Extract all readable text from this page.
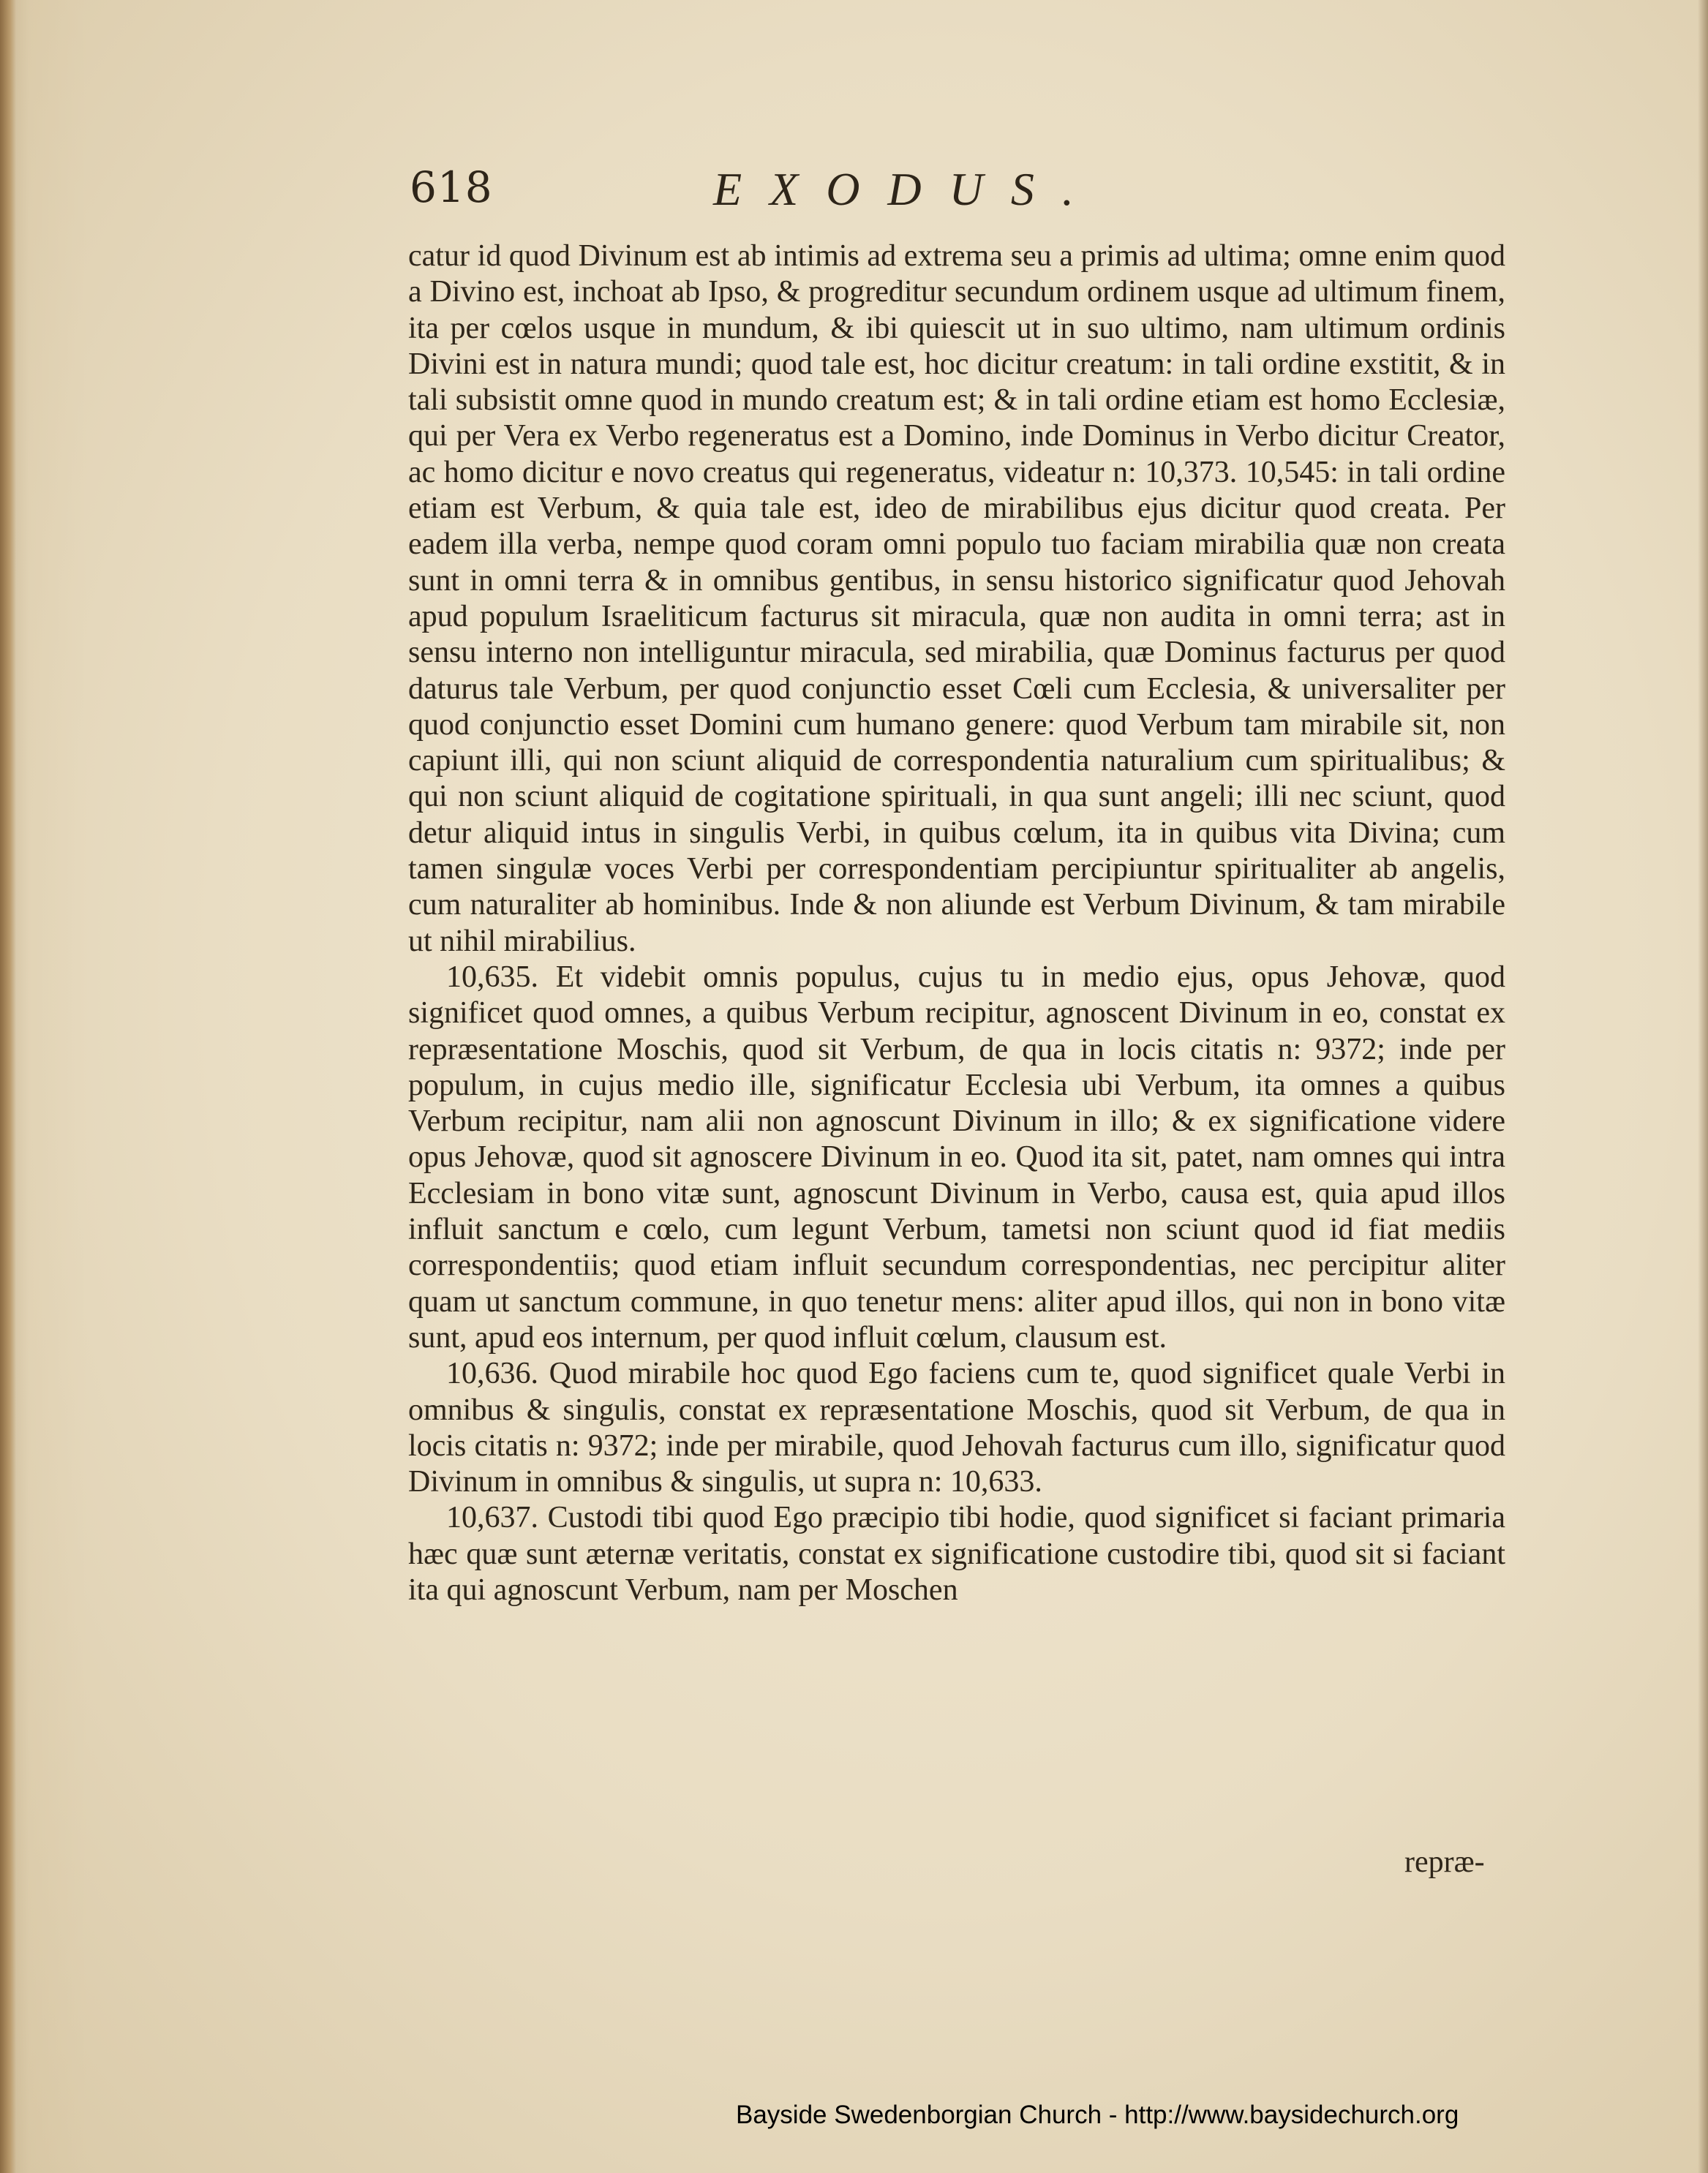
618	EXODUS.

catur id quod Divinum est ab intimis ad extrema seu a primis ad ultima; omne enim quod a Divino est, inchoat ab Ipso, & progreditur secundum ordinem usque ad ultimum finem, ita per cœlos usque in mundum, & ibi quiescit ut in suo ultimo, nam ultimum ordinis Divini est in natura mundi; quod tale est, hoc dicitur creatum: in tali ordine exstitit, & in tali subsistit omne quod in mundo creatum est; & in tali ordine etiam est homo Ecclesiæ, qui per Vera ex Verbo regeneratus est a Domino, inde Dominus in Verbo dicitur Creator, ac homo dicitur e novo creatus qui regeneratus, videatur n: 10,373. 10,545: in tali ordine etiam est Verbum, & quia tale est, ideo de mirabilibus ejus dicitur quod creata. Per eadem illa verba, nempe quod coram omni populo tuo faciam mirabilia quæ non creata sunt in omni terra & in omnibus gentibus, in sensu historico significatur quod Jehovah apud populum Israeliticum facturus sit miracula, quæ non audita in omni terra; ast in sensu interno non intelliguntur miracula, sed mirabilia, quæ Dominus facturus per quod daturus tale Verbum, per quod conjunctio esset Cœli cum Ecclesia, & universaliter per quod conjunctio esset Domini cum humano genere: quod Verbum tam mirabile sit, non capiunt illi, qui non sciunt aliquid de correspondentia naturalium cum spiritualibus; & qui non sciunt aliquid de cogitatione spirituali, in qua sunt angeli; illi nec sciunt, quod detur aliquid intus in singulis Verbi, in quibus cœlum, ita in quibus vita Divina; cum tamen singulæ voces Verbi per correspondentiam percipiuntur spiritualiter ab angelis, cum naturaliter ab hominibus. Inde & non aliunde est Verbum Divinum, & tam mirabile ut nihil mirabilius.

10,635. Et videbit omnis populus, cujus tu in medio ejus, opus Jehovæ, quod significet quod omnes, a quibus Verbum recipitur, agnoscent Divinum in eo, constat ex repræsentatione Moschis, quod sit Verbum, de qua in locis citatis n: 9372; inde per populum, in cujus medio ille, significatur Ecclesia ubi Verbum, ita omnes a quibus Verbum recipitur, nam alii non agnoscunt Divinum in illo; & ex significatione videre opus Jehovæ, quod sit agnoscere Divinum in eo. Quod ita sit, patet, nam omnes qui intra Ecclesiam in bono vitæ sunt, agnoscunt Divinum in Verbo, causa est, quia apud illos influit sanctum e cœlo, cum legunt Verbum, tametsi non sciunt quod id fiat mediis correspondentiis; quod etiam influit secundum correspondentias, nec percipitur aliter quam ut sanctum commune, in quo tenetur mens: aliter apud illos, qui non in bono vitæ sunt, apud eos internum, per quod influit cœlum, clausum est.

10,636. Quod mirabile hoc quod Ego faciens cum te, quod significet quale Verbi in omnibus & singulis, constat ex repræsentatione Moschis, quod sit Verbum, de qua in locis citatis n: 9372; inde per mirabile, quod Jehovah facturus cum illo, significatur quod Divinum in omnibus & singulis, ut supra n: 10,633.

10,637. Custodi tibi quod Ego præcipio tibi hodie, quod significet si faciant primaria hæc quæ sunt æternæ veritatis, constat ex significatione custodire tibi, quod sit si faciant ita qui agnoscunt Verbum, nam per Moschen

repræ-
Bayside Swedenborgian Church - http://www.baysidechurch.org
